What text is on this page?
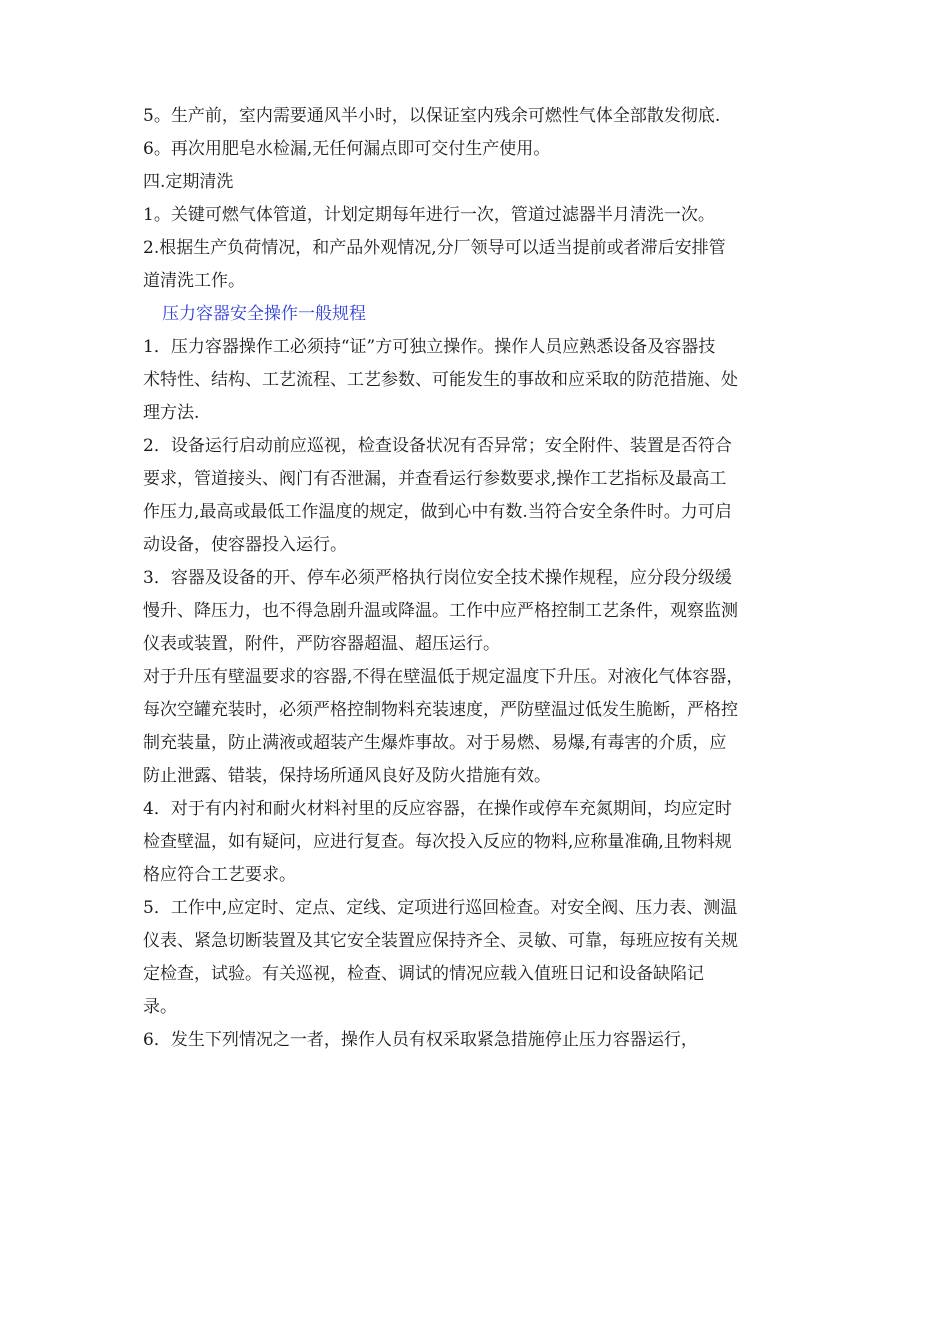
5。生产前，室内需要通风半小时，以保证室内残余可燃性气体全部散发彻底.

6。再次用肥皂水检漏,无任何漏点即可交付生产使用。

四.定期清洗

1。关键可燃气体管道，计划定期每年进行一次，管道过滤器半月清洗一次。

2.根据生产负荷情况，和产品外观情况,分厂领导可以适当提前或者滞后安排管
道清洗工作。

压力容器安全操作一般规程

1．压力容器操作工必须持“证”方可独立操作。操作人员应熟悉设备及容器技
术特性、结构、工艺流程、工艺参数、可能发生的事故和应采取的防范措施、处
理方法.

2．设备运行启动前应巡视，检查设备状况有否异常；安全附件、装置是否符合
要求，管道接头、阀门有否泄漏，并查看运行参数要求,操作工艺指标及最高工
作压力,最高或最低工作温度的规定，做到心中有数.当符合安全条件时。力可启
动设备，使容器投入运行。

3．容器及设备的开、停车必须严格执行岗位安全技术操作规程，应分段分级缓
慢升、降压力，也不得急剧升温或降温。工作中应严格控制工艺条件，观察监测
仪表或装置，附件，严防容器超温、超压运行。

对于升压有壁温要求的容器,不得在壁温低于规定温度下升压。对液化气体容器，
每次空罐充装时，必须严格控制物料充装速度，严防壁温过低发生脆断，严格控
制充装量，防止满液或超装产生爆炸事故。对于易燃、易爆,有毒害的介质，应
防止泄露、错装，保持场所通风良好及防火措施有效。

4．对于有内衬和耐火材料衬里的反应容器，在操作或停车充氮期间，均应定时
检查壁温，如有疑问，应进行复查。每次投入反应的物料,应称量准确,且物料规
格应符合工艺要求。

5．工作中,应定时、定点、定线、定项进行巡回检查。对安全阀、压力表、测温
仪表、紧急切断装置及其它安全装置应保持齐全、灵敏、可靠，每班应按有关规
定检查，试验。有关巡视，检查、调试的情况应载入值班日记和设备缺陷记
录。

6．发生下列情况之一者，操作人员有权采取紧急措施停止压力容器运行，
